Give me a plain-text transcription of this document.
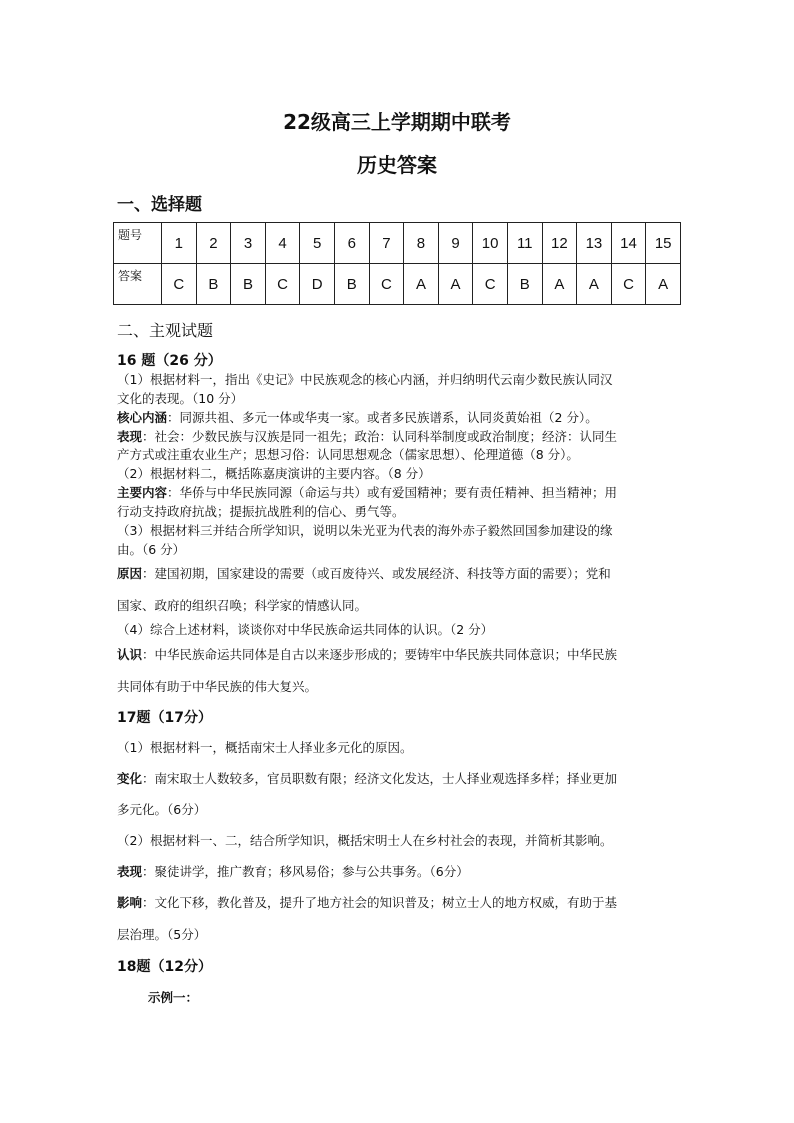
22级高三上学期期中联考
历史答案
一、选择题
题号	1	2	3	4	5	6	7	8	9	10	11	12	13	14	15
答案	C	B	B	C	D	B	C	A	A	C	B	A	A	C	A
二、主观试题
16 题（26 分）
（1）根据材料一，指出《史记》中民族观念的核心内涵，并归纳明代云南少数民族认同汉
文化的表现。（10 分）
核心内涵：同源共祖、多元一体或华夷一家。或者多民族谱系，认同炎黄始祖（2 分）。
表现：社会：少数民族与汉族是同一祖先；政治：认同科举制度或政治制度；经济：认同生
产方式或注重农业生产；思想习俗：认同思想观念（儒家思想）、伦理道德（8 分）。
（2）根据材料二，概括陈嘉庚演讲的主要内容。（8 分）
主要内容：华侨与中华民族同源（命运与共）或有爱国精神；要有责任精神、担当精神；用
行动支持政府抗战；提振抗战胜利的信心、勇气等。
（3）根据材料三并结合所学知识，说明以朱光亚为代表的海外赤子毅然回国参加建设的缘
由。（6 分）
原因：建国初期，国家建设的需要（或百废待兴、或发展经济、科技等方面的需要）；党和
国家、政府的组织召唤；科学家的情感认同。
（4）综合上述材料，谈谈你对中华民族命运共同体的认识。（2 分）
认识：中华民族命运共同体是自古以来逐步形成的；要铸牢中华民族共同体意识；中华民族
共同体有助于中华民族的伟大复兴。
17题（17分）
（1）根据材料一，概括南宋士人择业多元化的原因。
变化：南宋取士人数较多，官员职数有限；经济文化发达，士人择业观选择多样；择业更加
多元化。（6分）
（2）根据材料一、二，结合所学知识，概括宋明士人在乡村社会的表现，并简析其影响。
表现：聚徒讲学，推广教育；移风易俗；参与公共事务。（6分）
影响：文化下移，教化普及，提升了地方社会的知识普及；树立士人的地方权威，有助于基
层治理。（5分）
18题（12分）
示例一：
